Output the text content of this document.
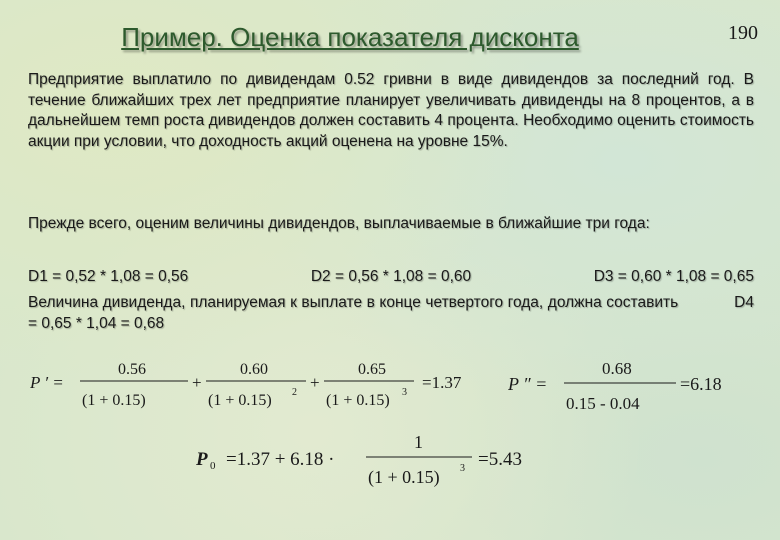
Пример. Оценка показателя дисконта	190
Предприятие выплатило по дивидендам 0.52 гривни в виде дивидендов за последний год. В течение ближайших трех лет предприятие планирует увеличивать дивиденды на 8 процентов, а в дальнейшем темп роста дивидендов должен составить 4 процента. Необходимо оценить стоимость акции при условии, что доходность акций оценена на уровне 15%.
Прежде всего, оценим величины дивидендов, выплачиваемые в ближайшие три года:
D1 = 0,52 * 1,08 = 0,56	D2 = 0,56 * 1,08 = 0,60	D3 = 0,60 * 1,08 = 0,65
Величина дивиденда, планируемая к выплате в конце четвертого года, должна составить	D4 = 0,65 * 1,04 = 0,68
P ′ =
0.56
(1 + 0.15)
+
0.60
(1 + 0.15) 2
+
0.65
(1 + 0.15) 3
=1.37	P ″ =
0.68
0.15 - 0.04
=6.18
P 0 =1.37 + 6.18 ·
1
(1 + 0.15) 3 =5.43
